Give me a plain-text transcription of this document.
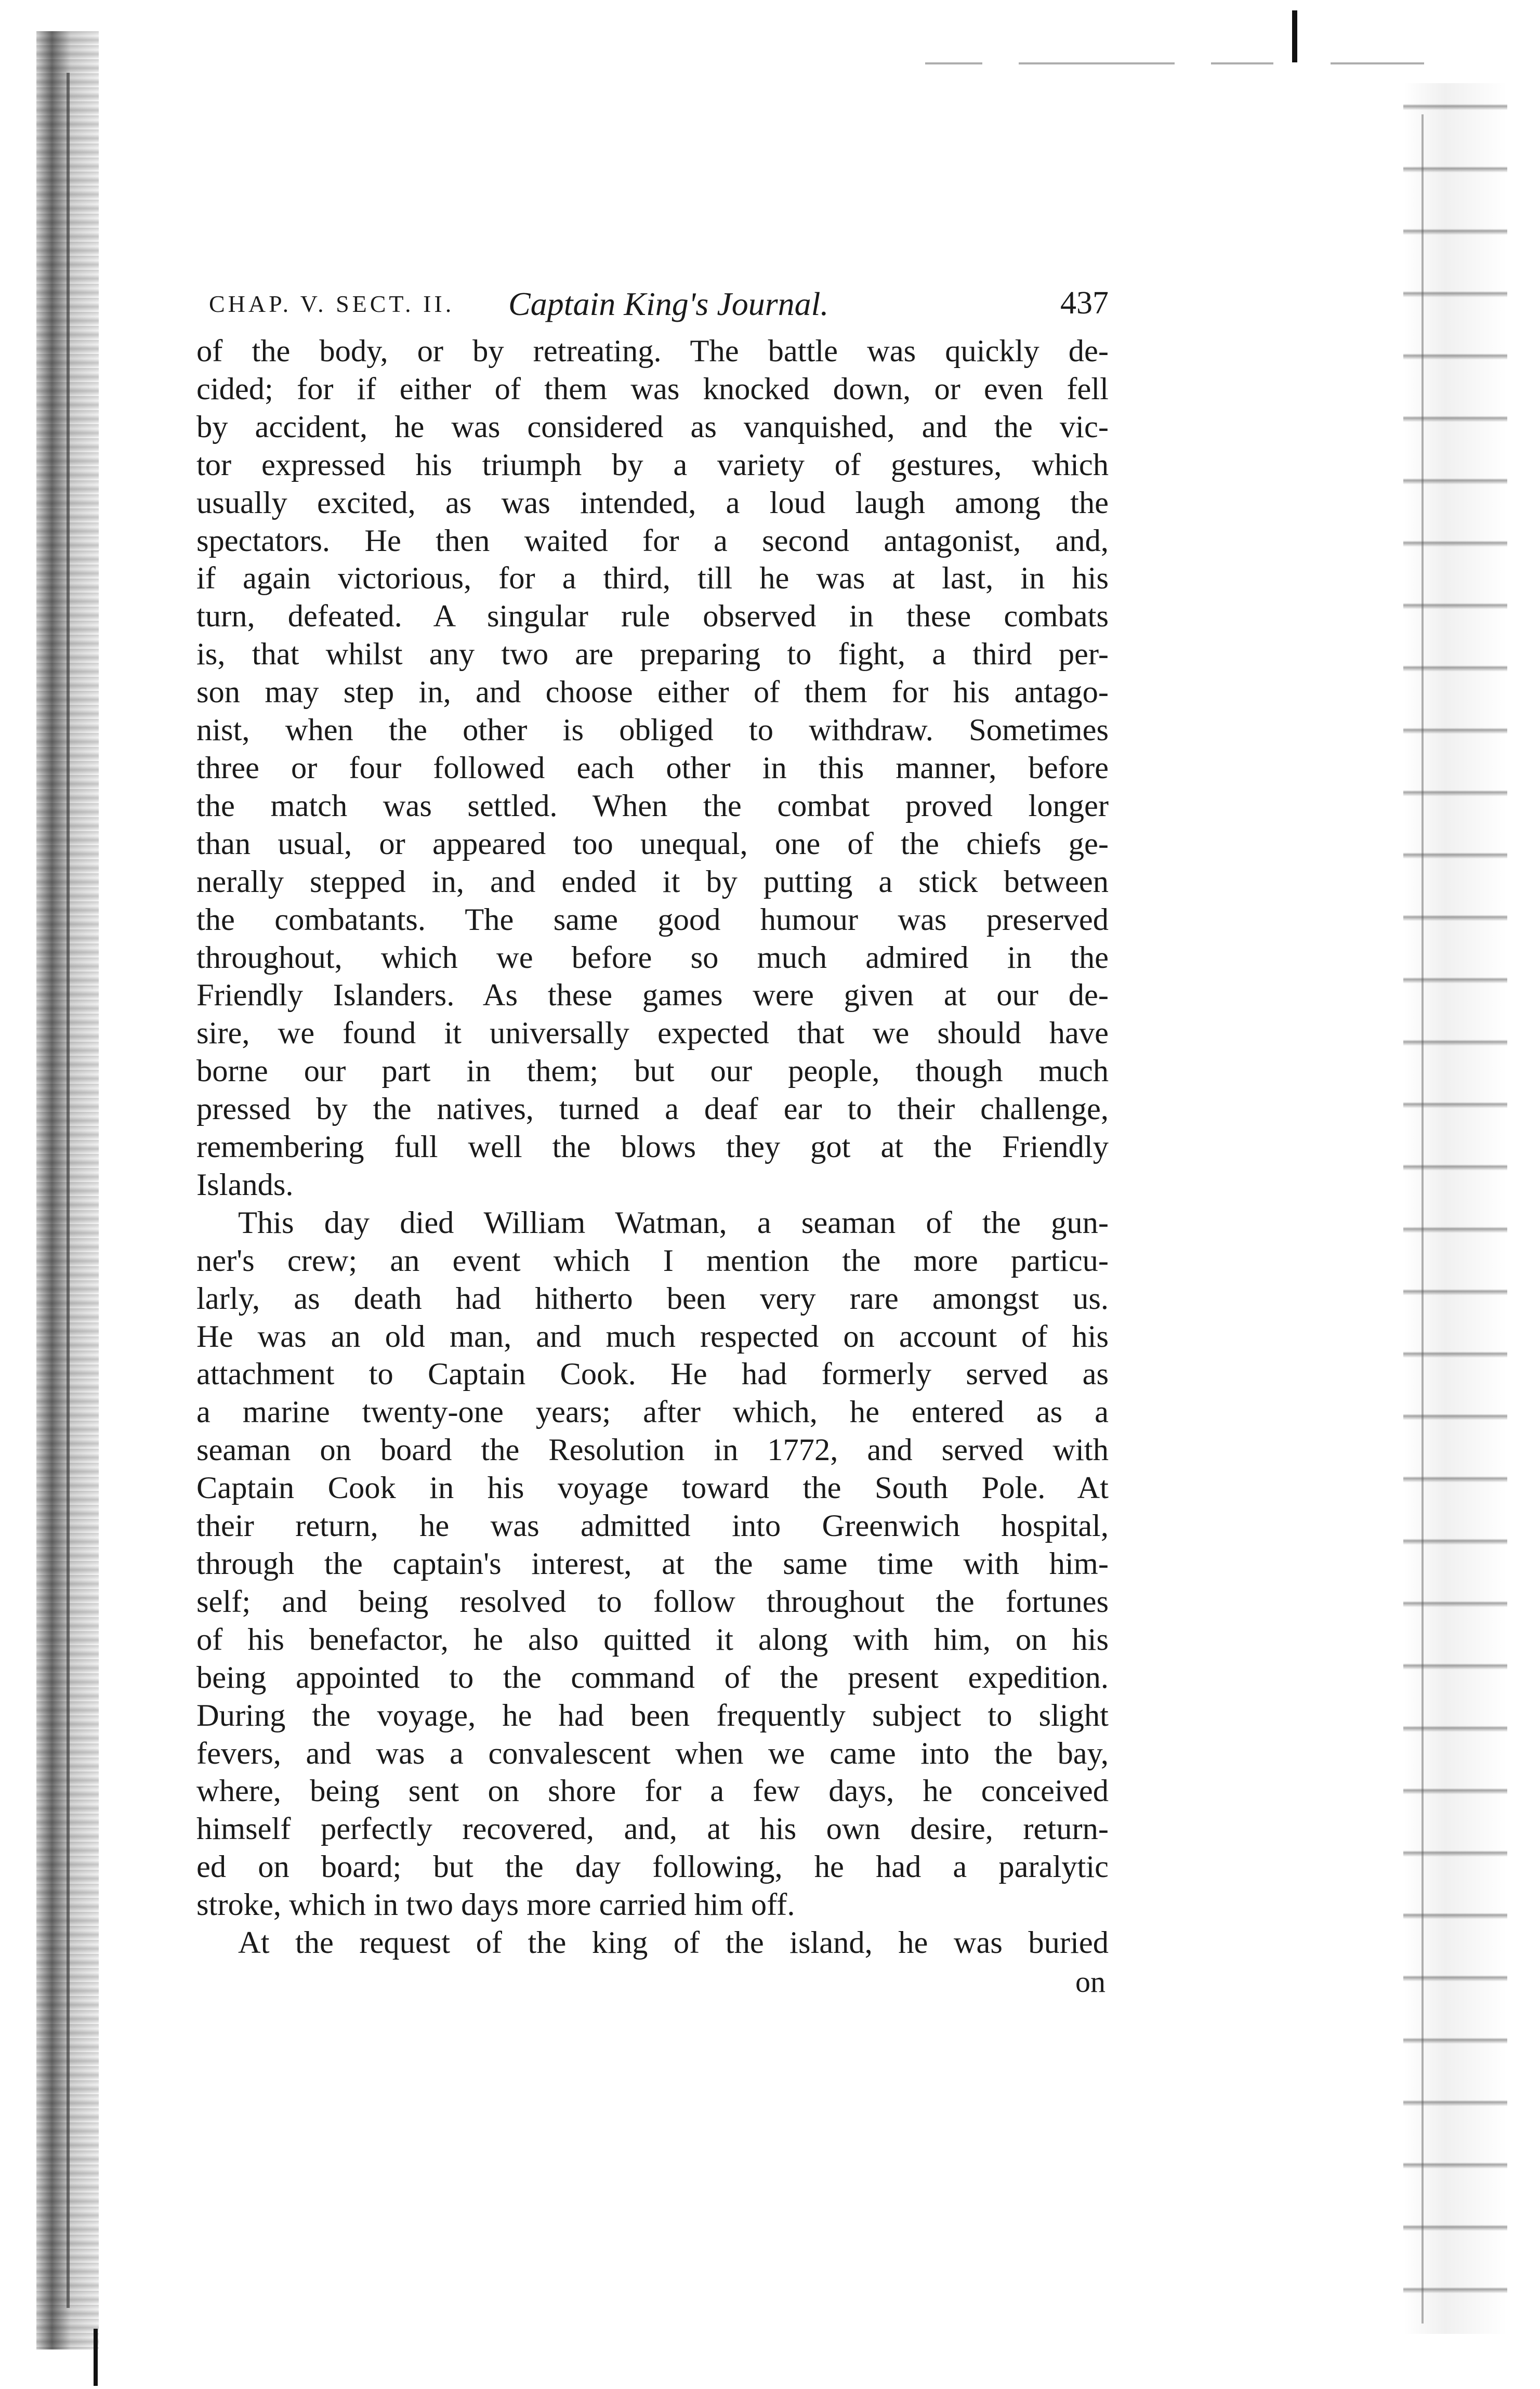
CHAP. V. SECT. II. Captain King's Journal.	437
of the body, or by retreating. The battle was quickly de-
cided; for if either of them was knocked down, or even fell
by accident, he was considered as vanquished, and the vic-
tor expressed his triumph by a variety of gestures, which
usually excited, as was intended, a loud laugh among the
spectators. He then waited for a second antagonist, and,
if again victorious, for a third, till he was at last, in his
turn, defeated. A singular rule observed in these combats
is, that whilst any two are preparing to fight, a third per-
son may step in, and choose either of them for his antago-
nist, when the other is obliged to withdraw. Sometimes
three or four followed each other in this manner, before
the match was settled. When the combat proved longer
than usual, or appeared too unequal, one of the chiefs ge-
nerally stepped in, and ended it by putting a stick between
the combatants. The same good humour was preserved
throughout, which we before so much admired in the
Friendly Islanders. As these games were given at our de-
sire, we found it universally expected that we should have
borne our part in them; but our people, though much
pressed by the natives, turned a deaf ear to their challenge,
remembering full well the blows they got at the Friendly
Islands.
This day died William Watman, a seaman of the gun-
ner's crew; an event which I mention the more particu-
larly, as death had hitherto been very rare amongst us.
He was an old man, and much respected on account of his
attachment to Captain Cook. He had formerly served as
a marine twenty-one years; after which, he entered as a
seaman on board the Resolution in 1772, and served with
Captain Cook in his voyage toward the South Pole. At
their return, he was admitted into Greenwich hospital,
through the captain's interest, at the same time with him-
self; and being resolved to follow throughout the fortunes
of his benefactor, he also quitted it along with him, on his
being appointed to the command of the present expedition.
During the voyage, he had been frequently subject to slight
fevers, and was a convalescent when we came into the bay,
where, being sent on shore for a few days, he conceived
himself perfectly recovered, and, at his own desire, return-
ed on board; but the day following, he had a paralytic
stroke, which in two days more carried him off.
At the request of the king of the island, he was buried
on
